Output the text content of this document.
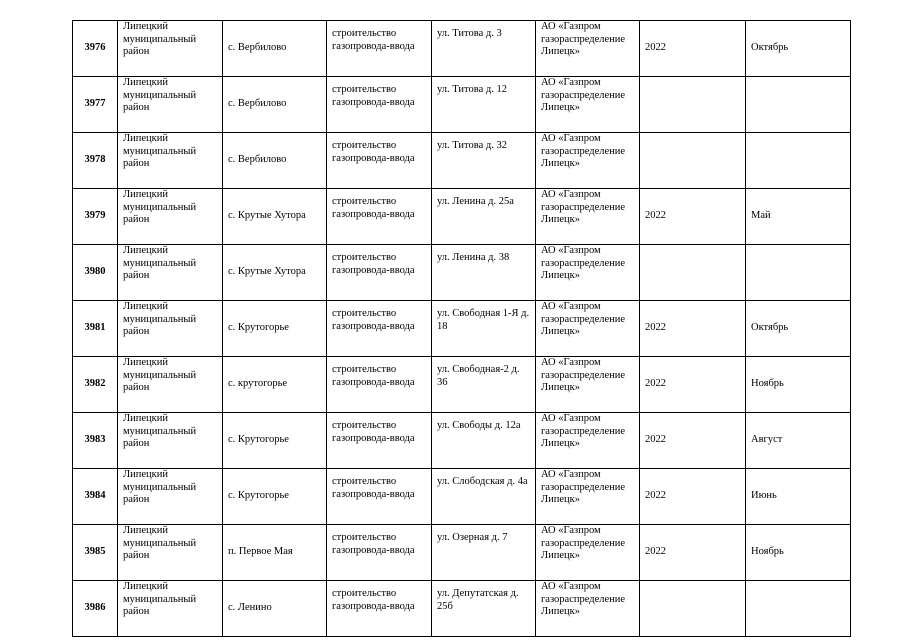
3976	Липецкий муниципальный район	с. Вербилово	строительство газопровода-ввода	ул. Титова д. 3	АО «Газпром газораспределение Липецк»	2022	Октябрь
3977	Липецкий муниципальный район	с. Вербилово	строительство газопровода-ввода	ул. Титова д. 12	АО «Газпром газораспределение Липецк»		
3978	Липецкий муниципальный район	с. Вербилово	строительство газопровода-ввода	ул. Титова д. 32	АО «Газпром газораспределение Липецк»		
3979	Липецкий муниципальный район	с. Крутые Хутора	строительство газопровода-ввода	ул. Ленина д. 25а	АО «Газпром газораспределение Липецк»	2022	Май
3980	Липецкий муниципальный район	с. Крутые Хутора	строительство газопровода-ввода	ул. Ленина д. 38	АО «Газпром газораспределение Липецк»		
3981	Липецкий муниципальный район	с. Крутогорье	строительство газопровода-ввода	ул. Свободная 1-Я д. 18	АО «Газпром газораспределение Липецк»	2022	Октябрь
3982	Липецкий муниципальный район	с. крутогорье	строительство газопровода-ввода	ул. Свободная-2 д. 36	АО «Газпром газораспределение Липецк»	2022	Ноябрь
3983	Липецкий муниципальный район	с. Крутогорье	строительство газопровода-ввода	ул. Свободы д. 12а	АО «Газпром газораспределение Липецк»	2022	Август
3984	Липецкий муниципальный район	с. Крутогорье	строительство газопровода-ввода	ул. Слободская д. 4а	АО «Газпром газораспределение Липецк»	2022	Июнь
3985	Липецкий муниципальный район	п. Первое Мая	строительство газопровода-ввода	ул. Озерная д. 7	АО «Газпром газораспределение Липецк»	2022	Ноябрь
3986	Липецкий муниципальный район	с. Ленино	строительство газопровода-ввода	ул. Депутатская д. 25б	АО «Газпром газораспределение Липецк»		
